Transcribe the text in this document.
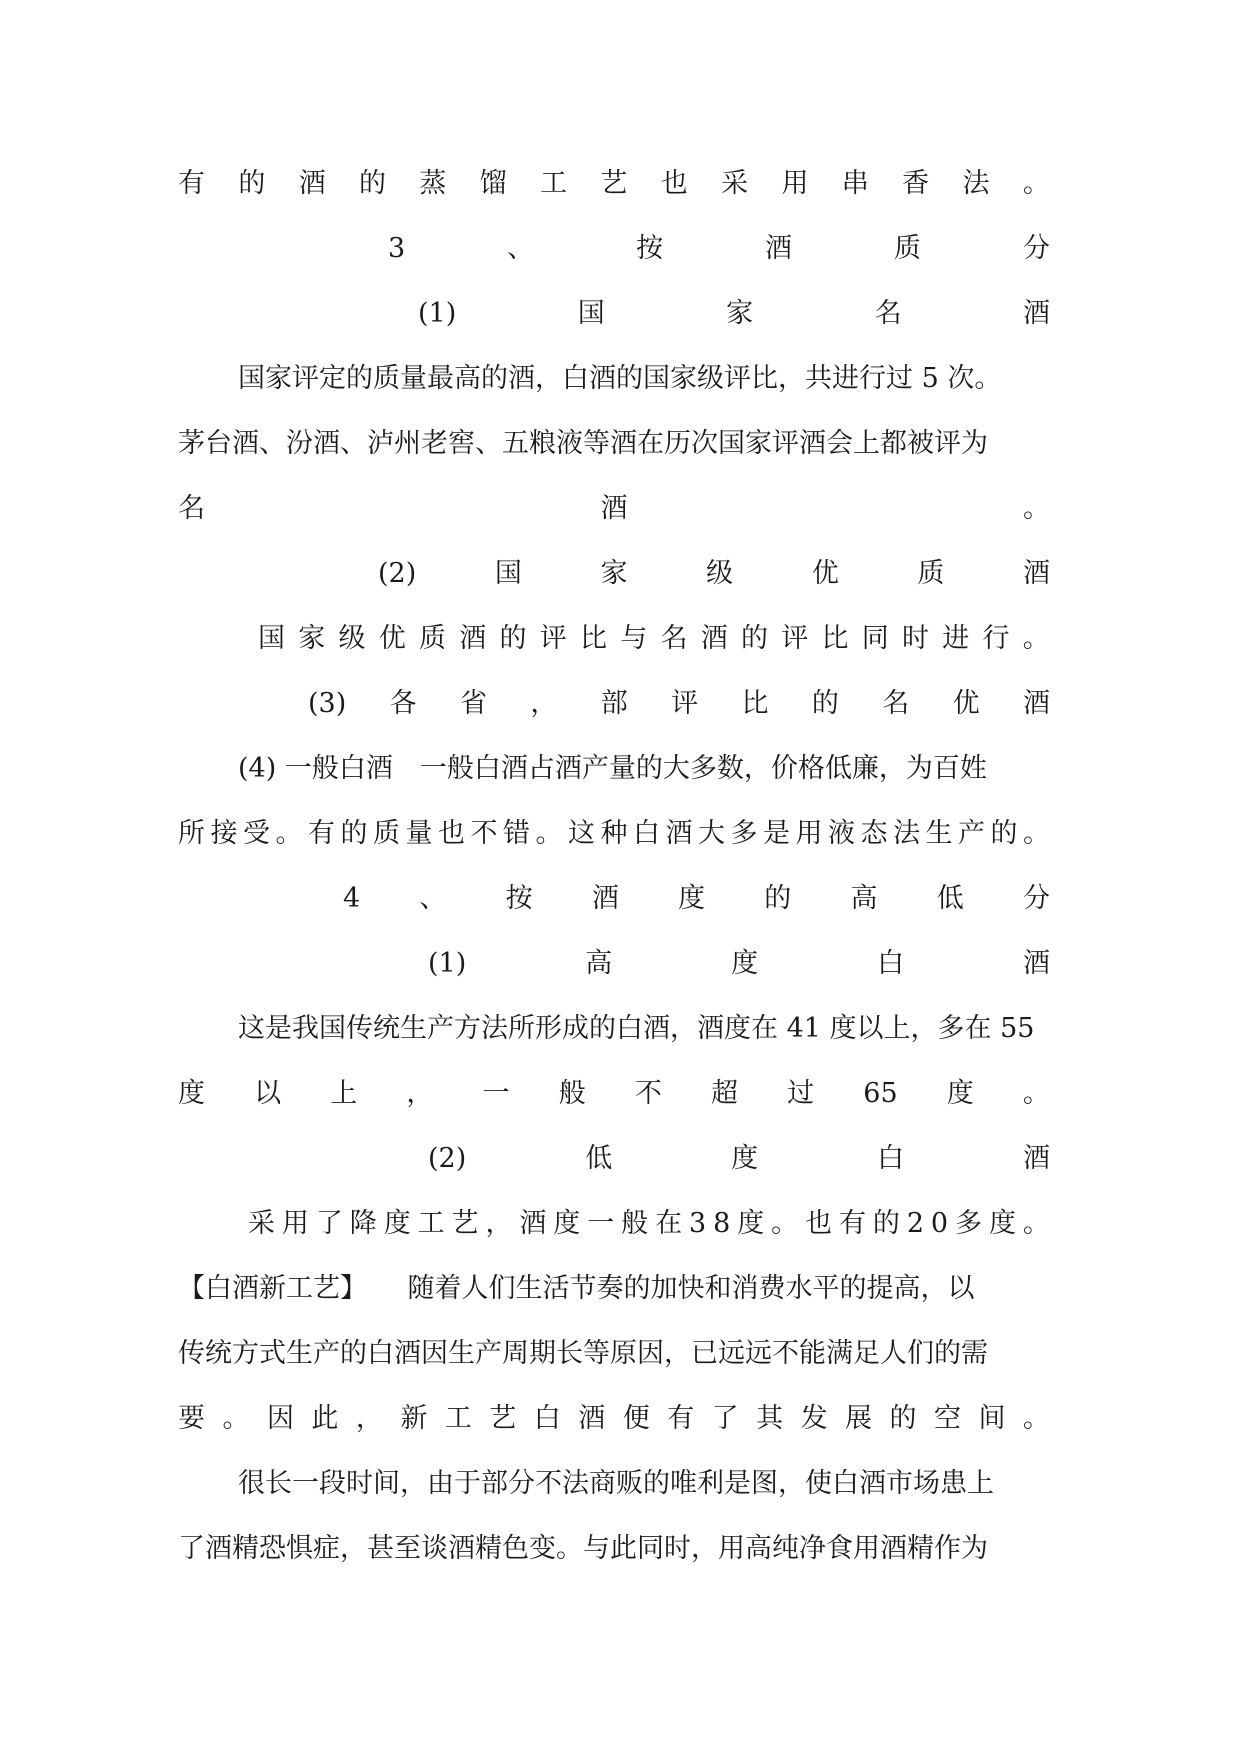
有 的 酒 的 蒸 馏 工 艺 也 采 用 串 香 法 。
3	、	按	酒	质	分
(1)	国	家	名	酒
国家评定的质量最高的酒，白酒的国家级评比，共进行过 5 次。
茅台酒、汾酒、泸州老窖、五粮液等酒在历次国家评酒会上都被评为
名	酒	。
(2)	国	家	级	优	质	酒
国 家 级 优 质 酒 的 评 比 与 名 酒 的 评 比 同 时 进 行 。
(3) 各 省 ， 部 评 比 的 名 优 酒
(4) 一般白酒　一般白酒占酒产量的大多数，价格低廉，为百姓
所 接 受 。 有 的 质 量 也 不 错 。 这 种 白 酒 大 多 是 用 液 态 法 生 产 的 。
4 、 按 酒 度 的 高 低 分
(1)	高	度	白	酒
这是我国传统生产方法所形成的白酒，酒度在 41 度以上，多在 55
度 以 上 ， 一 般 不 超 过 65 度 。
(2)	低	度	白	酒
采 用 了 降 度 工 艺 ， 酒 度 一 般 在 3 8 度 。 也 有 的 2 0 多 度 。
【白酒新工艺】　　随着人们生活节奏的加快和消费水平的提高，以
传统方式生产的白酒因生产周期长等原因，已远远不能满足人们的需
要 。 因 此 ， 新 工 艺 白 酒 便 有 了 其 发 展 的 空 间 。
很长一段时间，由于部分不法商贩的唯利是图，使白酒市场患上
了酒精恐惧症，甚至谈酒精色变。与此同时，用高纯净食用酒精作为
